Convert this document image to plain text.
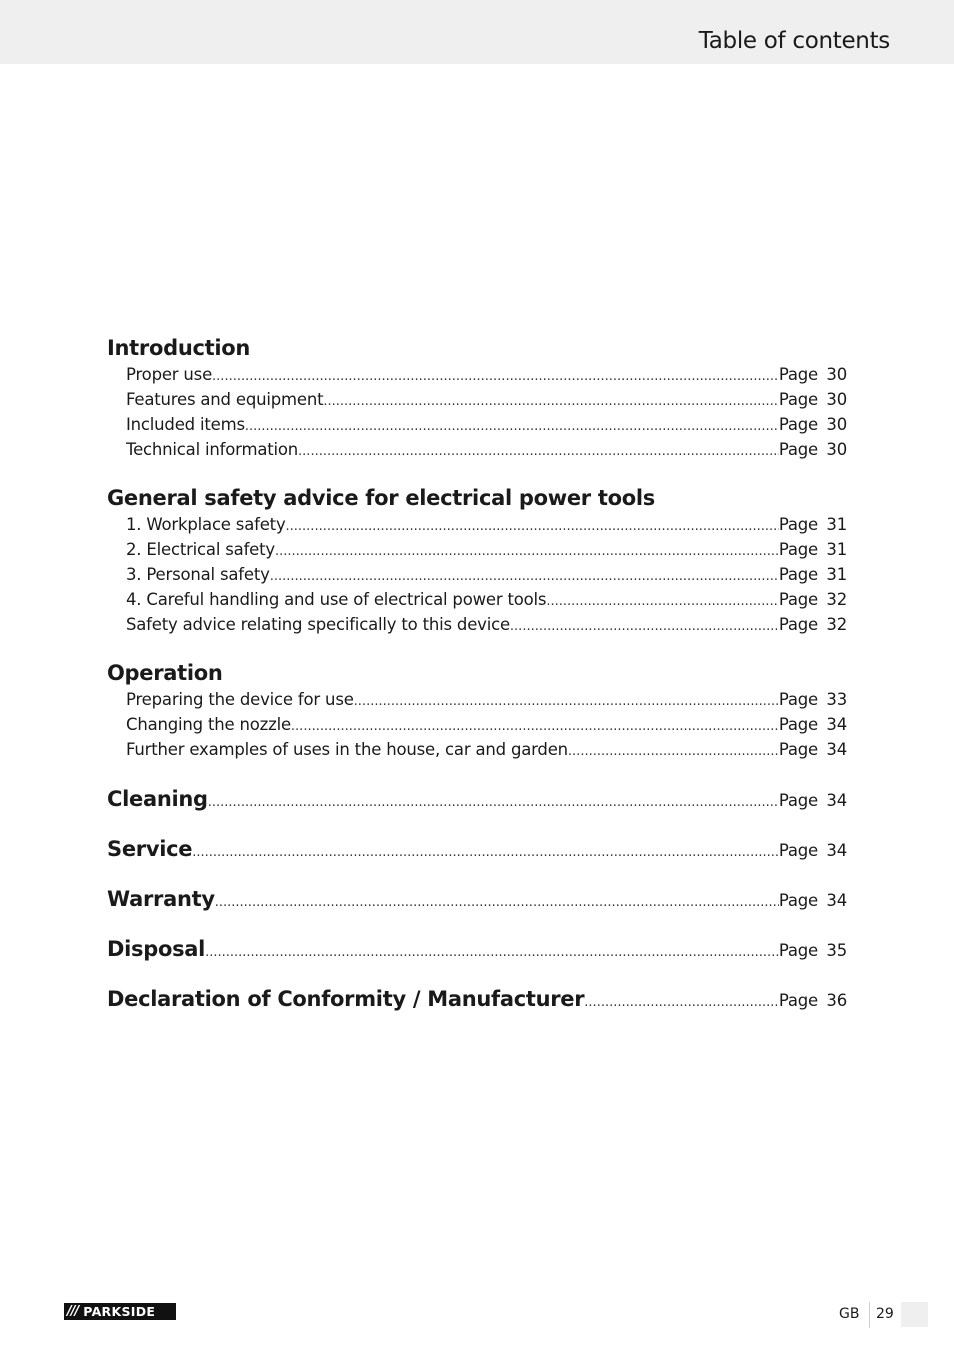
Table of contents
Introduction
Proper use .....	Page 30
Features and equipment .....	Page 30
Included items .....	Page 30
Technical information .....	Page 30
General safety advice for electrical power tools
1. Workplace safety .....	Page 31
2. Electrical safety .....	Page 31
3. Personal safety .....	Page 31
4. Careful handling and use of electrical power tools .....	Page 32
Safety advice relating specifically to this device .....	Page 32
Operation
Preparing the device for use .....	Page 33
Changing the nozzle .....	Page 34
Further examples of uses in the house, car and garden .....	Page 34
Cleaning .....	Page 34
Service .....	Page 34
Warranty .....	Page 34
Disposal .....	Page 35
Declaration of Conformity / Manufacturer .....	Page 36
/// PARKSIDE	GB 29
